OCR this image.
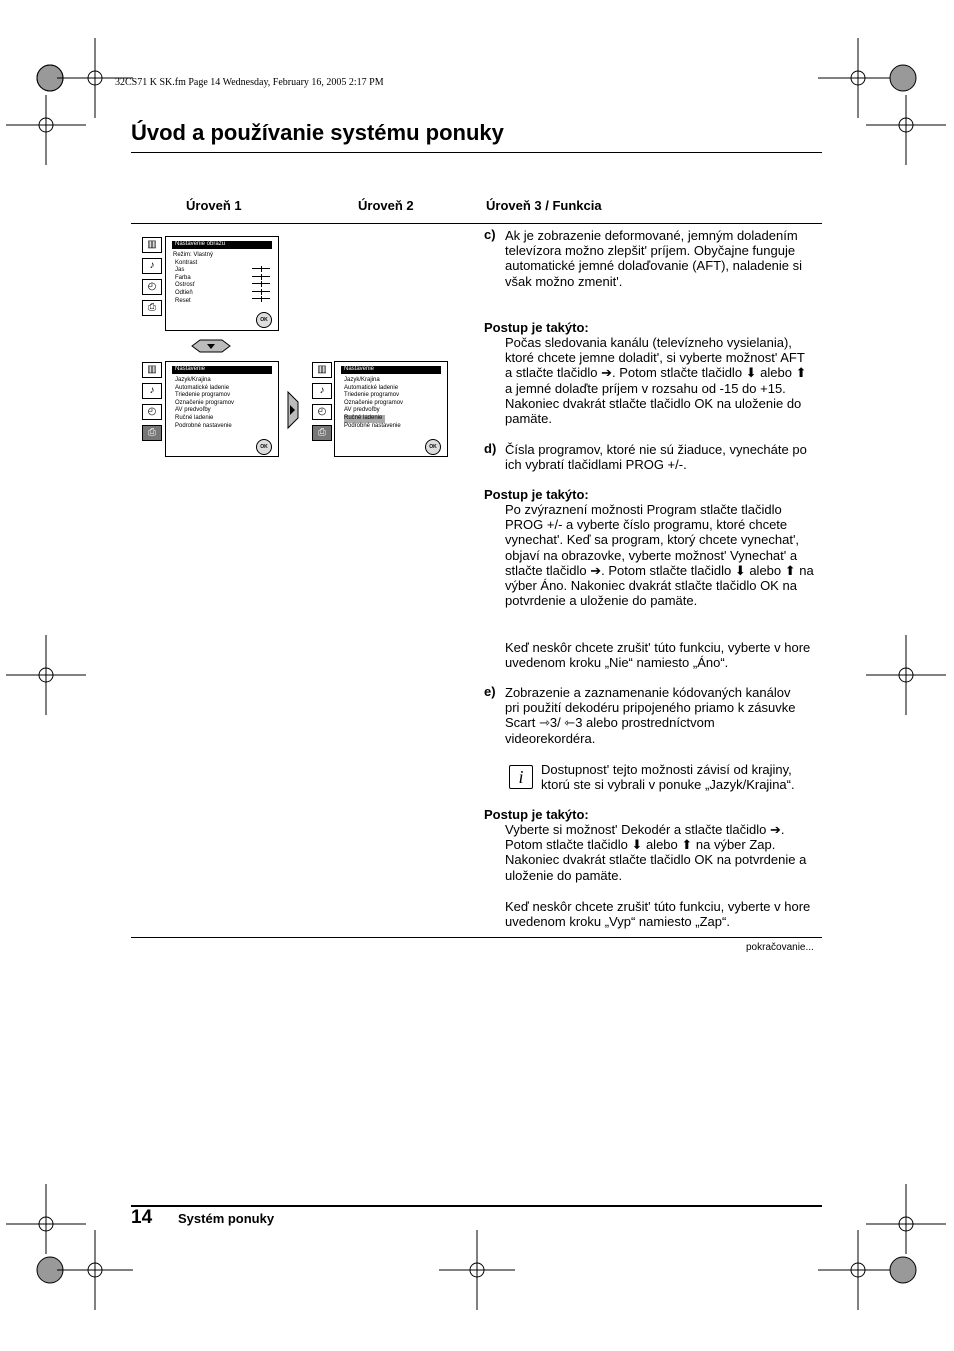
32CS71 K SK.fm Page 14 Wednesday, February 16, 2005 2:17 PM
Úvod a používanie systému ponuky
Úroveň 1	Úroveň 2	Úroveň 3 / Funkcia
▥
♪
◴
⎙
Nastavenie obrazu
Režim: Vlastný
Kontrast
Jas
Farba
Ostrosť
Odtieň
Reset
OK
▥
♪
◴
⎙
Nastavenie
Jazyk/Krajina
Automatické ladenie
Triedenie programov
Označenie programov
AV predvoľby
Ručné ladenie
Podrobné nastavenie
OK
▥
♪
◴
⎙
Nastavenie
Jazyk/Krajina
Automatické ladenie
Triedenie programov
Označenie programov
AV predvoľby
Ručné ladenie
Podrobné nastavenie
OK
c) Ak je zobrazenie deformované, jemným doladením televízora možno zlepšit' príjem. Obyčajne funguje automatické jemné dolaďovanie (AFT), naladenie si však možno zmenit'.
Postup je takýto:
Počas sledovania kanálu (televízneho vysielania), ktoré chcete jemne doladit', si vyberte možnost' AFT a stlačte tlačidlo ➔. Potom stlačte tlačidlo ⬇ alebo ⬆ a jemné dolaďte príjem v rozsahu od -15 do +15. Nakoniec dvakrát stlačte tlačidlo OK na uloženie do pamäte.
d) Čísla programov, ktoré nie sú žiaduce, vynecháte po ich vybratí tlačidlami PROG +/-.
Postup je takýto:
Po zvýraznení možnosti Program stlačte tlačidlo PROG +/- a vyberte číslo programu, ktoré chcete vynechat'. Keď sa program, ktorý chcete vynechat', objaví na obrazovke, vyberte možnost' Vynechat' a stlačte tlačidlo ➔. Potom stlačte tlačidlo ⬇ alebo ⬆ na výber Áno. Nakoniec dvakrát stlačte tlačidlo OK na potvrdenie a uloženie do pamäte.
Keď neskôr chcete zrušit' túto funkciu, vyberte v hore uvedenom kroku „Nie“ namiesto „Áno“.
e) Zobrazenie a zaznamenanie kódovaných kanálov pri použití dekodéru pripojeného priamo k zásuvke Scart ⇾3/ ⇽3 alebo prostredníctvom videorekordéra.
i	Dostupnost' tejto možnosti závisí od krajiny, ktorú ste si vybrali v ponuke „Jazyk/Krajina“.
Postup je takýto:
Vyberte si možnost' Dekodér a stlačte tlačidlo ➔. Potom stlačte tlačidlo ⬇ alebo ⬆ na výber Zap. Nakoniec dvakrát stlačte tlačidlo OK na potvrdenie a uloženie do pamäte.
Keď neskôr chcete zrušit' túto funkciu, vyberte v hore uvedenom kroku „Vyp“ namiesto „Zap“.
pokračovanie...
14 Systém ponuky
